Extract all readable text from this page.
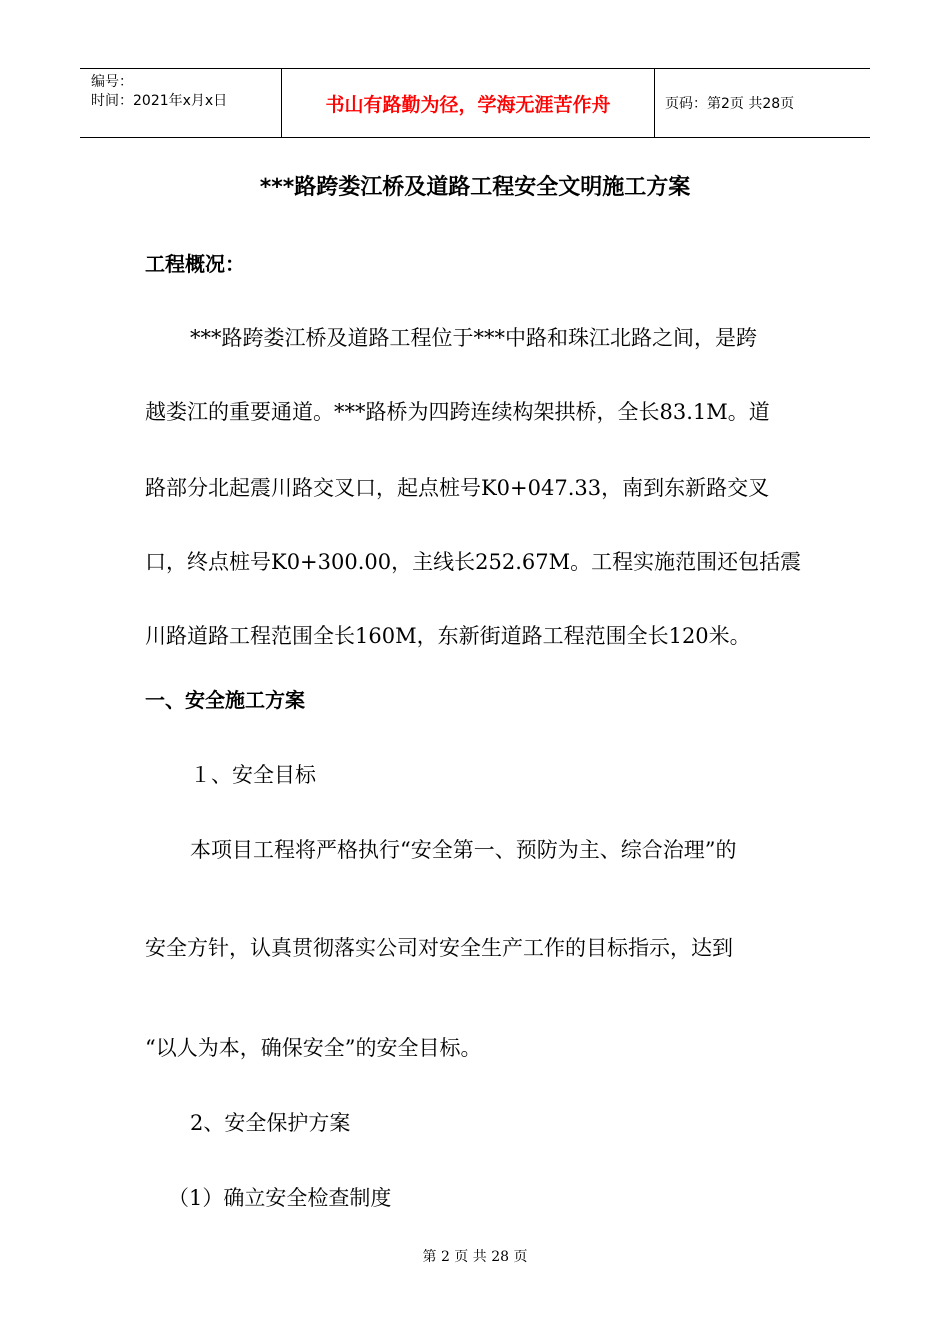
编号：
时间：2021年x月x日	书山有路勤为径，学海无涯苦作舟	页码：第2页 共28页
***路跨娄江桥及道路工程安全文明施工方案
工程概况：
***路跨娄江桥及道路工程位于***中路和珠江北路之间，是跨
越娄江的重要通道。***路桥为四跨连续构架拱桥，全长83.1M。道
路部分北起震川路交叉口，起点桩号K0+047.33，南到东新路交叉
口，终点桩号K0+300.00，主线长252.67M。工程实施范围还包括震
川路道路工程范围全长160M，东新街道路工程范围全长120米。
一、安全施工方案
１、安全目标
本项目工程将严格执行“安全第一、预防为主、综合治理”的
安全方针，认真贯彻落实公司对安全生产工作的目标指示，达到
“以人为本，确保安全”的安全目标。
2、安全保护方案
（1）确立安全检查制度
第 2 页 共 28 页
